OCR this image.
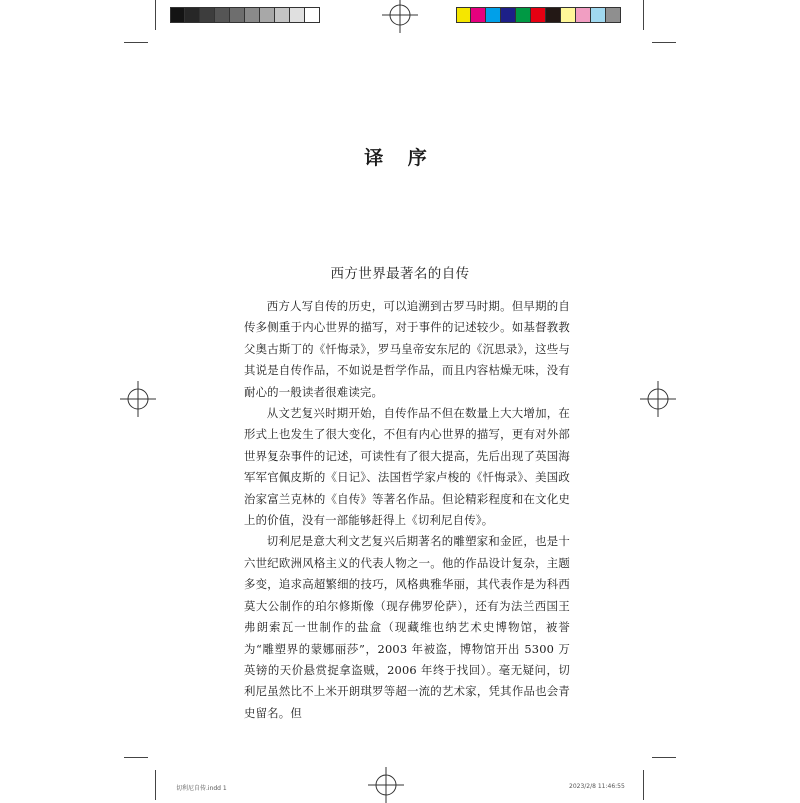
切利尼自传.indd 1	2023/2/8 11:46:55
译 序
西方世界最著名的自传

西方人写自传的历史，可以追溯到古罗马时期。但早期的自传多侧重于内心世界的描写，对于事件的记述较少。如基督教教父奥古斯丁的《忏悔录》，罗马皇帝安东尼的《沉思录》，这些与其说是自传作品，不如说是哲学作品，而且内容枯燥无味，没有耐心的一般读者很难读完。

从文艺复兴时期开始，自传作品不但在数量上大大增加，在形式上也发生了很大变化，不但有内心世界的描写，更有对外部世界复杂事件的记述，可读性有了很大提高，先后出现了英国海军军官佩皮斯的《日记》、法国哲学家卢梭的《忏悔录》、美国政治家富兰克林的《自传》等著名作品。但论精彩程度和在文化史上的价值，没有一部能够赶得上《切利尼自传》。

切利尼是意大利文艺复兴后期著名的雕塑家和金匠，也是十六世纪欧洲风格主义的代表人物之一。他的作品设计复杂，主题多变，追求高超繁细的技巧，风格典雅华丽，其代表作是为科西莫大公制作的珀尔修斯像（现存佛罗伦萨），还有为法兰西国王弗朗索瓦一世制作的盐盒（现藏维也纳艺术史博物馆，被誉为“雕塑界的蒙娜丽莎”，2003 年被盗，博物馆开出 5300 万英镑的天价悬赏捉拿盗贼，2006 年终于找回）。毫无疑问，切利尼虽然比不上米开朗琪罗等超一流的艺术家，凭其作品也会青史留名。但
